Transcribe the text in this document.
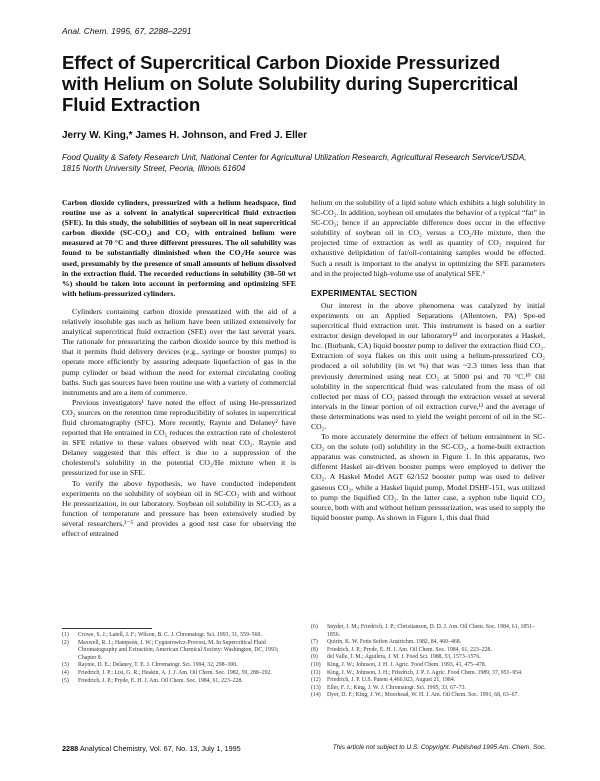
Anal. Chem. 1995, 67, 2288–2291
Effect of Supercritical Carbon Dioxide Pressurized with Helium on Solute Solubility during Supercritical Fluid Extraction
Jerry W. King,* James H. Johnson, and Fred J. Eller
Food Quality & Safety Research Unit, National Center for Agricultural Utilization Research, Agricultural Research Service/USDA, 1815 North University Street, Peoria, Illinois 61604

Carbon dioxide cylinders, pressurized with a helium headspace, find routine use as a solvent in analytical supercritical fluid extraction (SFE). In this study, the solubilities of soybean oil in neat supercritical carbon dioxide (SC-CO₂) and CO₂ with entrained helium were measured at 70 °C and three different pressures. The oil solubility was found to be substantially diminished when the CO₂/He source was used, presumably by the presence of small amounts of helium dissolved in the extraction fluid. The recorded reductions in solubility (30–50 wt %) should be taken into account in performing and optimizing SFE with helium-pressurized cylinders.

Cylinders containing carbon dioxide pressurized with the aid of a relatively insoluble gas such as helium have been utilized extensively for analytical supercritical fluid extraction (SFE) over the last several years. The rationale for pressurizing the carbon dioxide source by this method is that it permits fluid delivery devices (e.g., syringe or booster pumps) to operate more efficiently by assuring adequate liquefaction of gas in the pump cylinder or head without the need for external circulating cooling baths. Such gas sources have been routine use with a variety of commercial instruments and are a item of commerce.

Previous investigators¹ have noted the effect of using He-pressurized CO₂ sources on the retention time reproducibility of solutes in supercritical fluid chromatography (SFC). More recently, Raynie and Delaney² have reported that He entrained in CO₂ reduces the extraction rate of cholesterol in SFE relative to these values observed with neat CO₂. Raynie and Delaney suggested that this effect is due to a suppression of the cholesterol's solubility in the potential CO₂/He mixture when it is pressurized for use in SFE.

To verify the above hypothesis, we have conducted independent experiments on the solubility of soybean oil in SC-CO₂ with and without He pressurization, in our laboratory. Soybean oil solubility in SC-CO₂ as a function of temperature and pressure has been extensively studied by several researchers,³⁻⁵ and provides a good test case for observing the effect of entrained

(1)	Crowe, S. J.; Latell, J. F.; Wilson, B. C. J. Chromatogr. Sci. 1993, 31, 559–560.
(2)	Maxwell, R. J.; Hampson, J. W.; Cygnarowicz-Provost, M. In Supercritical Fluid Chromatography and Extraction; American Chemical Society: Washington, DC, 1993; Chapter 8.
(3)	Raynie, D. E.; Delaney, T. E. J. Chromatogr. Sci. 1994, 32, 298–300.
(4)	Friedrich, J. P.; List, G. R.; Heakin, A. J. J. Am. Oil Chem. Soc. 1982, 59, 288–292.
(5)	Friedrich, J. P.; Pryde, E. H. J. Am. Oil Chem. Soc. 1984, 61, 223–228.

helium on the solubility of a lipid solute which exhibits a high solubility in SC-CO₂. In addition, soybean oil emulates the behavior of a typical “fat” in SC-CO₂; hence if an appreciable difference does occur in the effective solubility of soybean oil in CO₂ versus a CO₂/He mixture, then the projected time of extraction as well as quantity of CO₂ required for exhaustive delipidation of fat/oil-containing samples would be effected. Such a result is important to the analyst in optimizing the SFE parameters and in the projected high-volume use of analytical SFE.⁶

EXPERIMENTAL SECTION

Our interest in the above phenomena was catalyzed by initial experiments on an Applied Separations (Allentown, PA) Spe-ed supercritical fluid extraction unit. This instrument is based on a earlier extractor design developed in our laboratory¹² and incorporates a Haskel, Inc. (Burbank, CA) liquid booster pump to deliver the extraction fluid CO₂. Extraction of soya flakes on this unit using a helium-pressurized CO₂ produced a oil solubility (in wt %) that was ~2.3 times less than that previously determined using neat CO₂ at 5000 psi and 70 °C.¹⁰ Oil solubility in the supercritical fluid was calculated from the mass of oil collected per mass of CO₂ passed through the extraction vessel at several intervals in the linear portion of oil extraction curve,¹² and the average of these determinations was used to yield the weight percent of oil in the SC-CO₂.

To more accurately determine the effect of helium entrainment in SC-CO₂ on the solute (oil) solubility in the SC-CO₂, a home-built extraction apparatus was constructed, as shown in Figure 1. In this apparatus, two different Haskel air-driven booster pumps were employed to deliver the CO₂. A Haskel Model AGT 62/152 booster pump was used to deliver gaseous CO₂, while a Haskel liquid pump, Model DSHF-151, was utilized to pump the liquified CO₂. In the latter case, a syphon tube liquid CO₂ source, both with and without helium pressurization, was used to supply the liquid booster pump. As shown in Figure 1, this dual fluid

(6)	Snyder, J. M.; Friedrich, J. P.; Christianson, D. D. J. Am. Oil Chem. Soc. 1984, 61, 1851–1856.
(7)	Quirin, K. W. Fette Seifen Anstrichm. 1982, 84, 460–468.
(8)	Friedrich, J. P.; Pryde, E. H. J. Am. Oil Chem. Soc. 1984, 61, 223–228.
(9)	del Valle, J. M.; Aguilera, J. M. J. Food Sci. 1988, 53, 1573–1576.
(10)	King, J. W.; Johnson, J. H. J. Agric. Food Chem. 1993, 41, 475–478.
(11)	King, J. W.; Johnson, J. H.; Friedrich, J. P. J. Agric. Food Chem. 1989, 37, 951–954.
(12)	Friedrich, J. P. U.S. Patent 4,466,923, August 21, 1984.
(13)	Eller, F. J.; King, J. W. J. Chromatogr. Sci. 1995, 33, 67–73.
(14)	Dyer, D. F.; King, J. W.; Moorhead, W. H. J. Am. Oil Chem. Soc. 1991, 68, 63–67.
2288 Analytical Chemistry, Vol. 67, No. 13, July 1, 1995	This article not subject to U.S. Copyright. Published 1995 Am. Chem. Soc.
